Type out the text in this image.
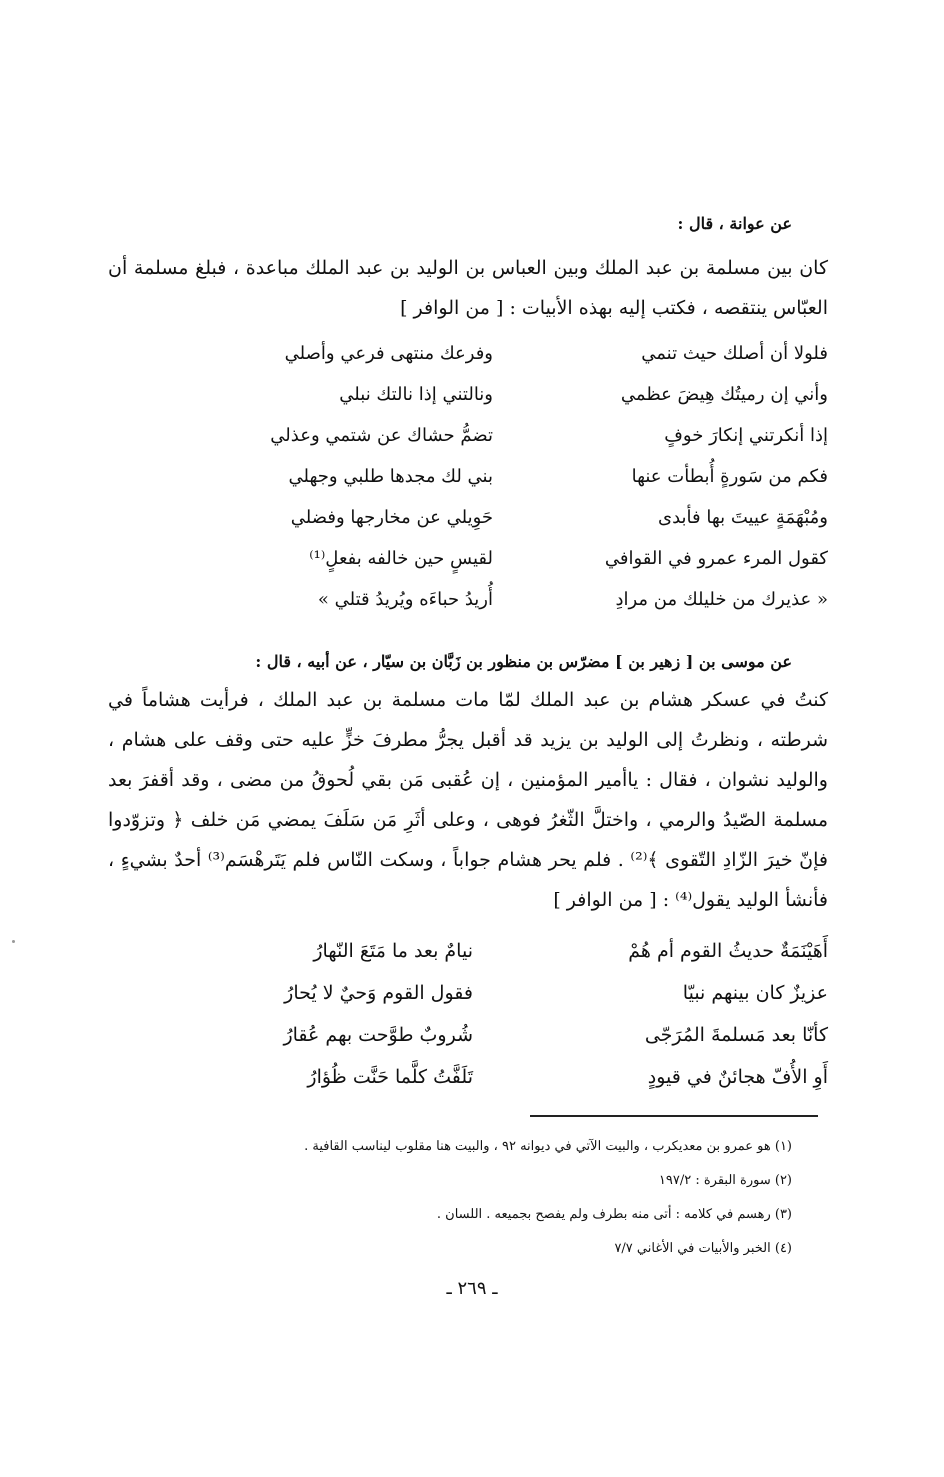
عن عوانة ، قال :

كان بين مسلمة بن عبد الملك وبين العباس بن الوليد بن عبد الملك مباعدة ، فبلغ مسلمة أن العبّاس ينتقصه ، فكتب إليه بهذه الأبيات : [ من الوافر ]

فلولا أن أصلك حيث تنمي
وفرعك منتهى فرعي وأصلي
وأني إن رميتُك هِيضَ عظمي
ونالتني إذا نالتك نبلي
إذا أنكرتني إنكارَ خوفٍ
تضمُّ حشاك عن شتمي وعذلي
فكم من سَورةٍ أُبطأت عنها
بني لك مجدها طلبي وجهلي
ومُبْهَمَةٍ عييتَ بها فأبدى
حَوِيلي عن مخارجها وفضلي
كقول المرء عمرو في القوافي
لقيسٍ حين خالفه بفعلٍ⁽¹⁾
« عذيرك من خليلك من مرادِ
أُريدُ حباءَه ويُريدُ قتلي »
عن موسى بن [ زهير بن ] مضرّس بن منظور بن زَبَّان بن سيّار ، عن أبيه ، قال :

كنتُ في عسكر هشام بن عبد الملك لمّا مات مسلمة بن عبد الملك ، فرأيت هشاماً في شرطته ، ونظرتُ إلى الوليد بن يزيد قد أقبل يجرُّ مطرفَ خزٍّ عليه حتى وقف على هشام ، والوليد نشوان ، فقال : ياأمير المؤمنين ، إن عُقبى مَن بقي لُحوقُ من مضى ، وقد أقفرَ بعد مسلمة الصّيدُ والرمي ، واختلَّ الثّغرُ فوهى ، وعلى أثَرِ مَن سَلَفَ يمضي مَن خلف ﴿ وتزوّدوا فإنّ خيرَ الزّادِ التّقوى ﴾⁽²⁾ . فلم يحر هشام جواباً ، وسكت النّاس فلم يَتَرهْسَم⁽³⁾ أحدٌ بشيءٍ ، فأنشأ الوليد يقول⁽⁴⁾ : [ من الوافر ]

أَهَيْنَمَةٌ حديثُ القوم أم هُمْ
نيامٌ بعد ما مَتَعَ النّهارُ
عزيزٌ كان بينهم نبيّا
فقول القوم وَحيٌ لا يُحارُ
كأنّا بعد مَسلمةَ المُرَجّى
شُروبٌ طوَّحت بهم عُقارُ
أَوِ الأُفّ هجائنٌ في قيودٍ
تَلَفَّتُ كلَّما حَنَّت ظُؤارُ
(١) هو عمرو بن معديكرب ، والبيت الآتي في ديوانه ٩٢ ، والبيت هنا مقلوب ليناسب القافية .
(٢) سورة البقرة : ١٩٧/٢
(٣) رهسم في كلامه : أتى منه بطرف ولم يفصح بجميعه . اللسان .
(٤) الخبر والأبيات في الأغاني ٧/٧
ـ ٢٦٩ ـ
